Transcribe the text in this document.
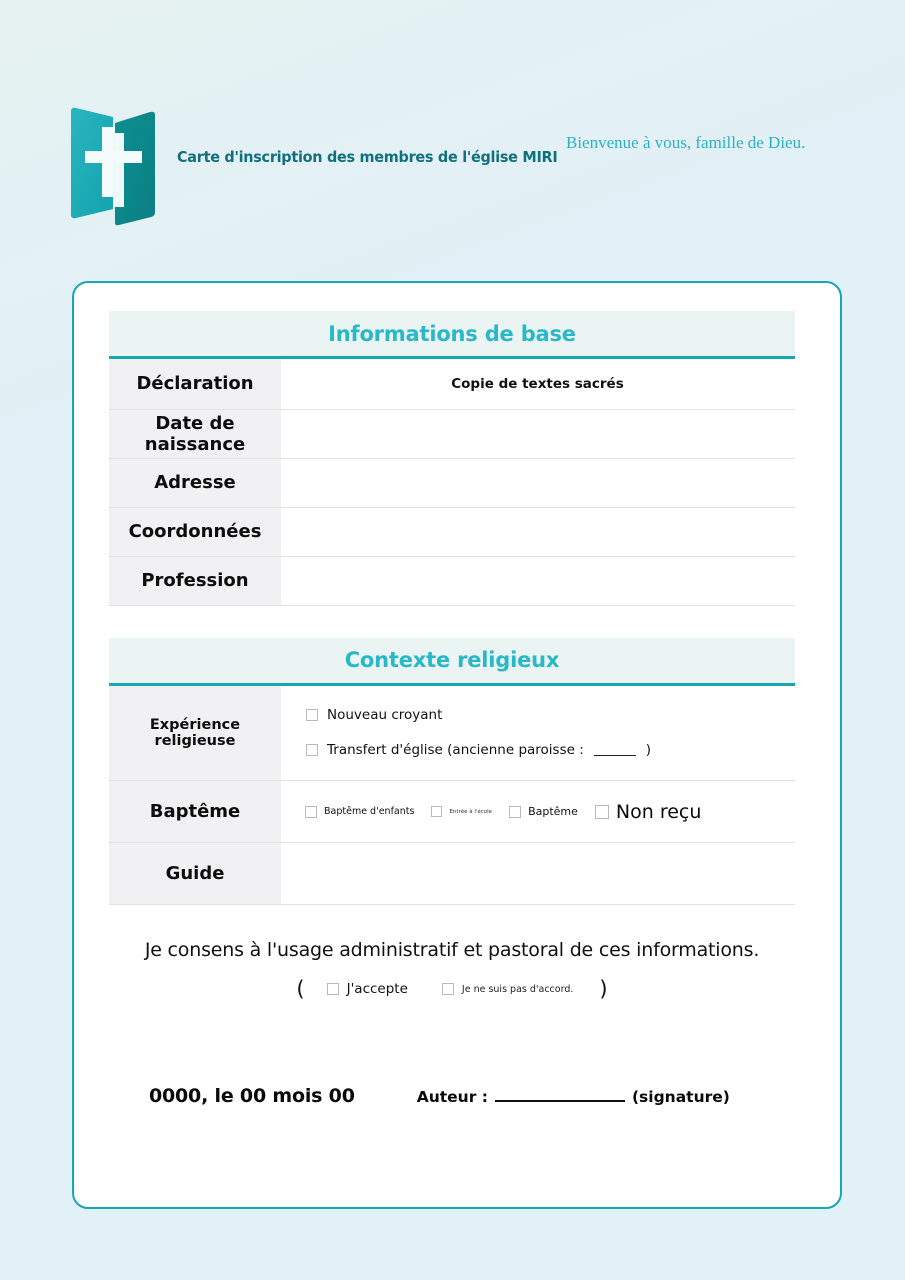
Carte d'inscription des membres de l'église MIRI
Bienvenue à vous, famille de Dieu.
Informations de base
Déclaration	Copie de textes sacrés

Date de naissance	
Adresse	
Coordonnées	
Profession	
Contexte religieux
Expérience religieuse	Nouveau croyant
Transfert d'église (ancienne paroisse : )

Baptême	Baptême d'enfants Entrée à l'école Baptême Non reçu

Guide	
Je consens à l'usage administratif et pastoral de ces informations.
(	J'accepte	Je ne suis pas d'accord. )
0000, le 00 mois 00	Auteur :	(signature)
